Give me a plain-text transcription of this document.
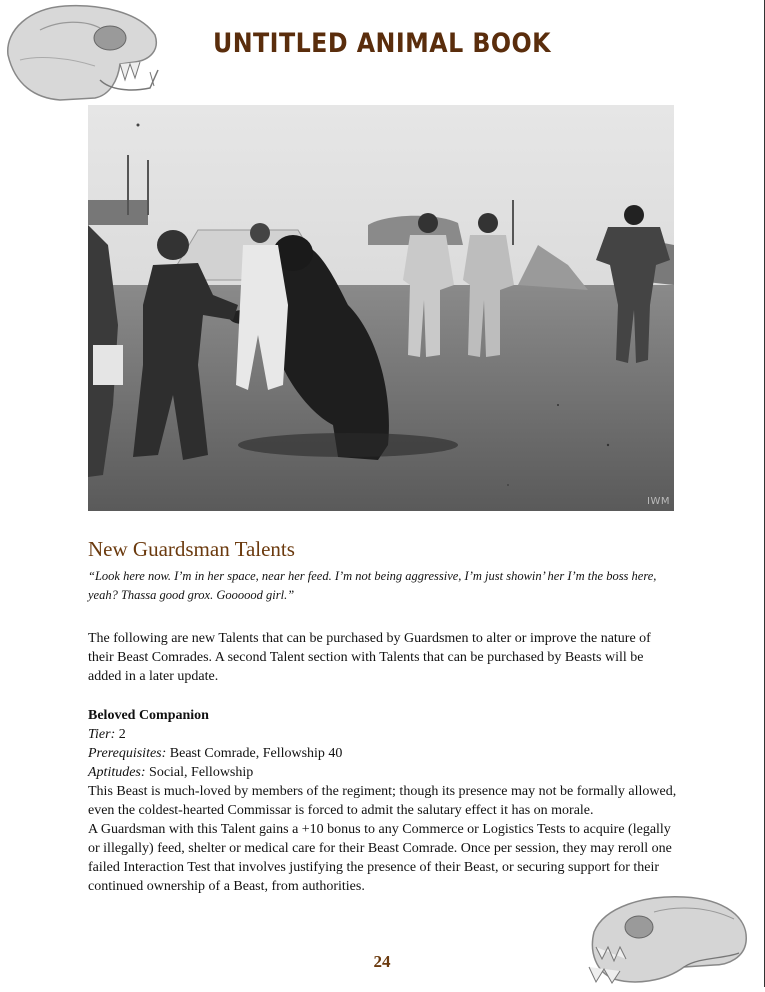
UNTITLED ANIMAL BOOK
IWM
New Guardsman Talents

“Look here now. I’m in her space, near her feed. I’m not being aggressive, I’m just showin’ her I’m the boss here, yeah? Thassa good grox. Goooood girl.”

The following are new Talents that can be purchased by Guardsmen to alter or improve the nature of their Beast Comrades. A second Talent section with Talents that can be purchased by Beasts will be added in a later update.

Beloved Companion

Tier: 2

Prerequisites: Beast Comrade, Fellowship 40

Aptitudes: Social, Fellowship

This Beast is much-loved by members of the regiment; though its presence may not be formally allowed, even the coldest-hearted Commissar is forced to admit the salutary effect it has on morale.

A Guardsman with this Talent gains a +10 bonus to any Commerce or Logistics Tests to acquire (legally or illegally) feed, shelter or medical care for their Beast Comrade. Once per session, they may reroll one failed Interaction Test that involves justifying the presence of their Beast, or securing support for their continued ownership of a Beast, from authorities.

24
